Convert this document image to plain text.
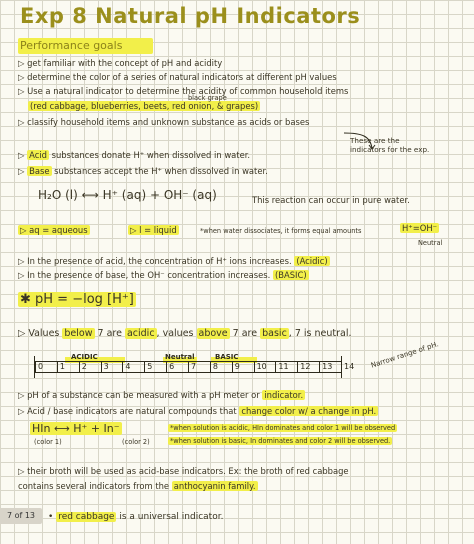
Exp 8 Natural pH Indicators
Performance goals
▷ get familiar with the concept of pH and acidity
▷ determine the color of a series of natural indicators at different pH values
▷ Use a natural indicator to determine the acidity of common household items
(red cabbage, blueberries, beets, red onion, & grapes)
black grape
▷ classify household items and unknown substance as acids or bases
These are the indicators for the exp.
▷ Acid substances donate H⁺ when dissolved in water.
▷ Base substances accept the H⁺ when dissolved in water.
H₂O (l) ⟷ H⁺ (aq) + OH⁻ (aq)	This reaction can occur in pure water.
▷ aq = aqueous	▷ l = liquid	*when water dissociates, it forms equal amounts	H⁺=OH⁻
Neutral
▷ In the presence of acid, the concentration of H⁺ ions increases. (Acidic)
▷ In the presence of base, the OH⁻ concentration increases. (BASIC)
✱ pH = −log [H⁺]
▷ Values below 7 are acidic , values above 7 are basic , 7 is neutral.
ACIDIC	Neutral	BASIC
0 1 2 3 4 5 6 7 8 9 10 11 12 13 14 Narrow range of pH.
▷ pH of a substance can be measured with a pH meter or indicator.
▷ Acid / base indicators are natural compounds that change color w/ a change in pH.
HIn ⟷ H⁺ + In⁻
(color 1)	(color 2)
*when solution is acidic, HIn dominates and color 1 will be observed
*when solution is basic, In dominates and color 2 will be observed.
▷ their broth will be used as acid-base indicators. Ex: the broth of red cabbage
contains several indicators from the anthocyanin family.
• red cabbage is a universal indicator.
7 of 13
